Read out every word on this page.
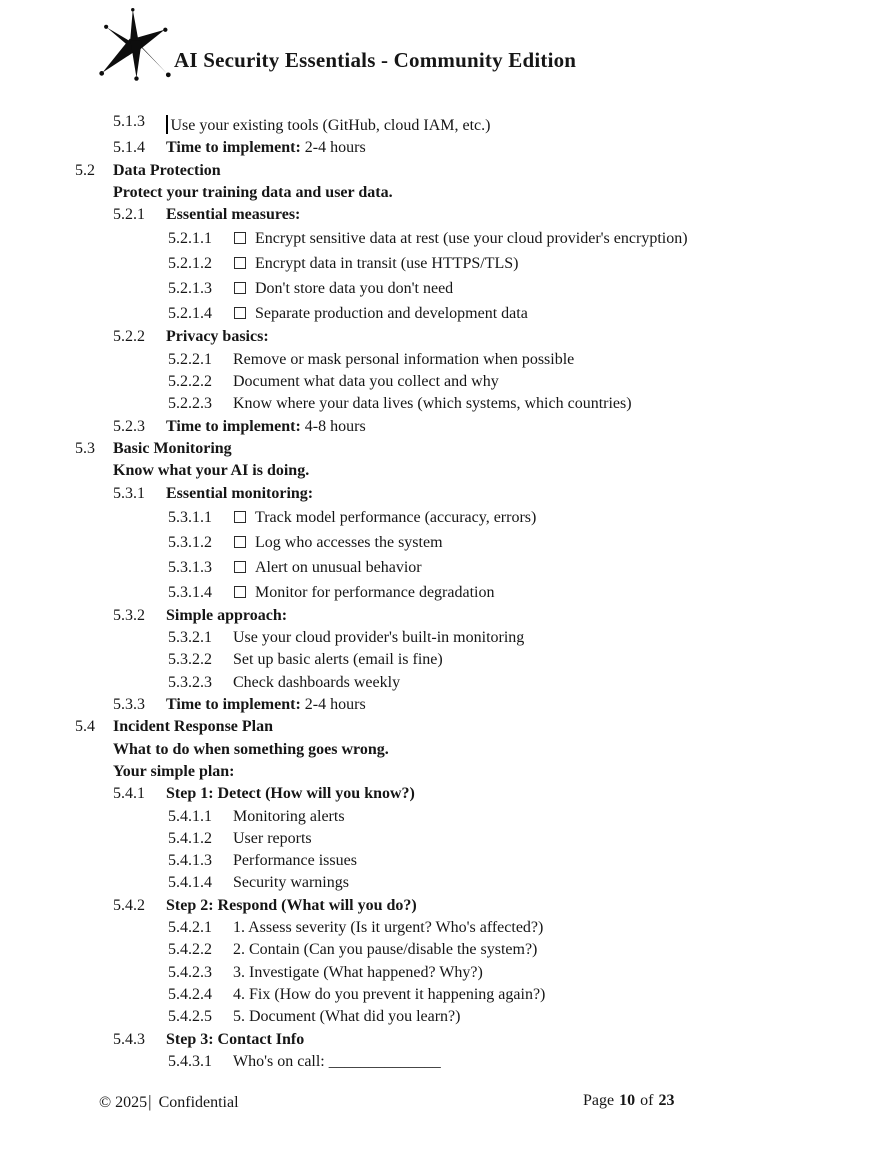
AI Security Essentials - Community Edition
5.1.3	Use your existing tools (GitHub, cloud IAM, etc.)
5.1.4	Time to implement: 2-4 hours
5.2	Data Protection
Protect your training data and user data.
5.2.1	Essential measures:
5.2.1.1	Encrypt sensitive data at rest (use your cloud provider's encryption)
5.2.1.2	Encrypt data in transit (use HTTPS/TLS)
5.2.1.3	Don't store data you don't need
5.2.1.4	Separate production and development data
5.2.2	Privacy basics:
5.2.2.1	Remove or mask personal information when possible
5.2.2.2	Document what data you collect and why
5.2.2.3	Know where your data lives (which systems, which countries)
5.2.3	Time to implement: 4-8 hours
5.3	Basic Monitoring
Know what your AI is doing.
5.3.1	Essential monitoring:
5.3.1.1	Track model performance (accuracy, errors)
5.3.1.2	Log who accesses the system
5.3.1.3	Alert on unusual behavior
5.3.1.4	Monitor for performance degradation
5.3.2	Simple approach:
5.3.2.1	Use your cloud provider's built-in monitoring
5.3.2.2	Set up basic alerts (email is fine)
5.3.2.3	Check dashboards weekly
5.3.3	Time to implement: 2-4 hours
5.4	Incident Response Plan
What to do when something goes wrong.
Your simple plan:
5.4.1	Step 1: Detect (How will you know?)
5.4.1.1	Monitoring alerts
5.4.1.2	User reports
5.4.1.3	Performance issues
5.4.1.4	Security warnings
5.4.2	Step 2: Respond (What will you do?)
5.4.2.1	1. Assess severity (Is it urgent? Who's affected?)
5.4.2.2	2. Contain (Can you pause/disable the system?)
5.4.2.3	3. Investigate (What happened? Why?)
5.4.2.4	4. Fix (How do you prevent it happening again?)
5.4.2.5	5. Document (What did you learn?)
5.4.3	Step 3: Contact Info
5.4.3.1	Who's on call: ______________
© 2025| Confidential	Page 10 of 23
